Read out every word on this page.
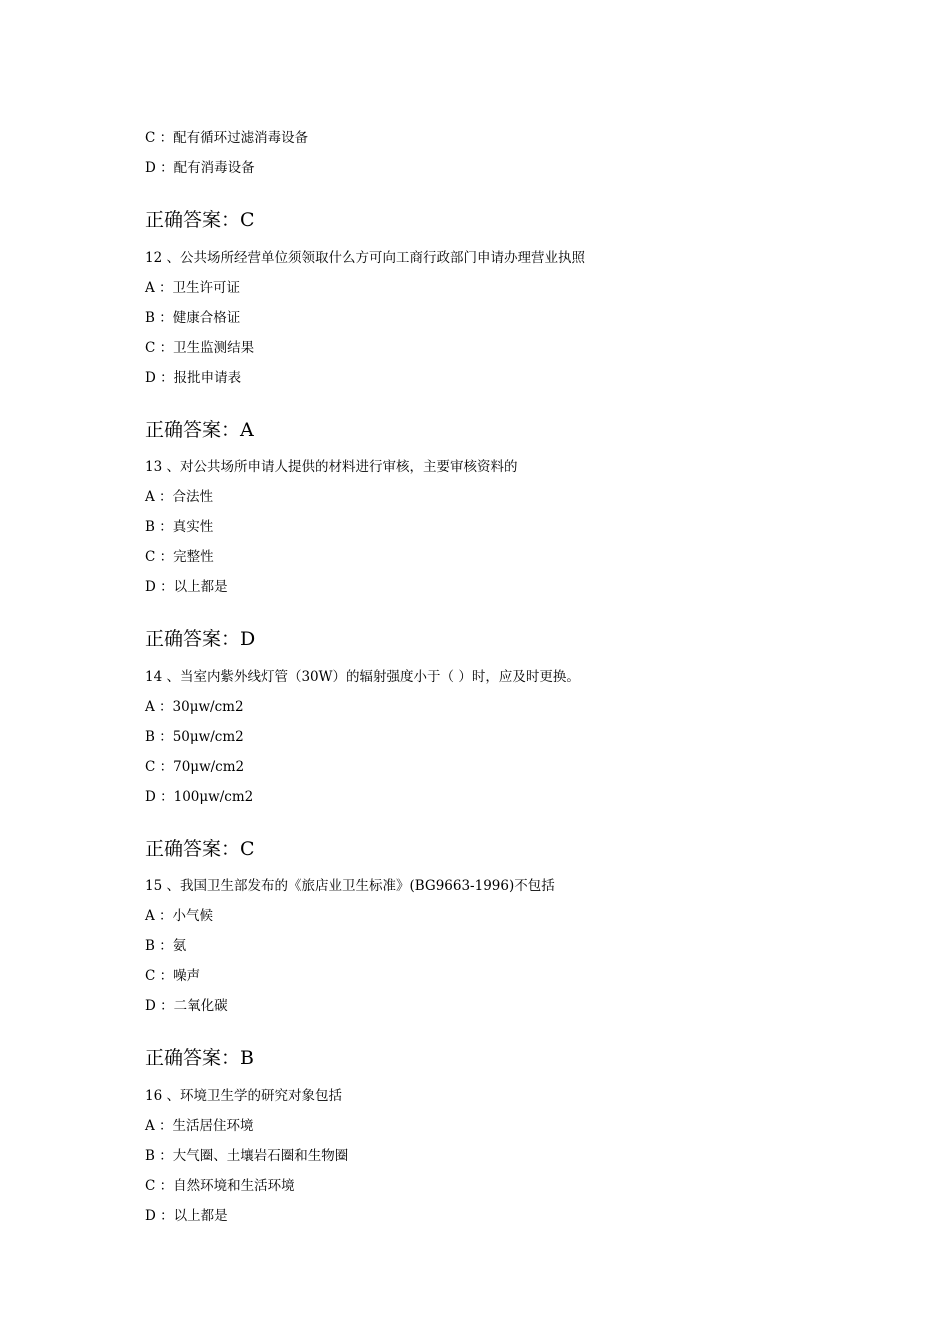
C ：配有循环过滤消毒设备
D ：配有消毒设备
正确答案：C
12 、公共场所经营单位须领取什么方可向工商行政部门申请办理营业执照
A ：卫生许可证
B ：健康合格证
C ：卫生监测结果
D ：报批申请表
正确答案：A
13 、对公共场所申请人提供的材料进行审核，主要审核资料的
A ：合法性
B ：真实性
C ：完整性
D ：以上都是
正确答案：D
14 、当室内紫外线灯管（30W）的辐射强度小于（ ）时，应及时更换。
A ：30μw/cm2
B ：50μw/cm2
C ：70μw/cm2
D ：100μw/cm2
正确答案：C
15 、我国卫生部发布的《旅店业卫生标准》(BG9663-1996)不包括
A ：小气候
B ：氨
C ：噪声
D ：二氧化碳
正确答案：B
16 、环境卫生学的研究对象包括
A ：生活居住环境
B ：大气圈、土壤岩石圈和生物圈
C ：自然环境和生活环境
D ：以上都是
